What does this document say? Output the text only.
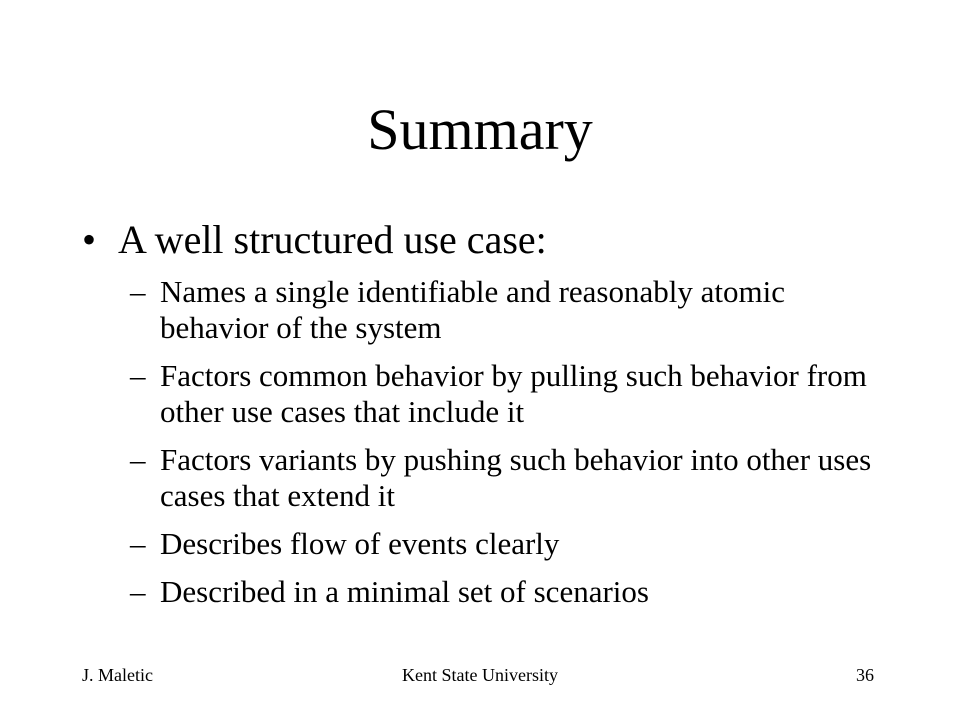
Summary
• A well structured use case:
– Names a single identifiable and reasonably atomic behavior of the system
– Factors common behavior by pulling such behavior from other use cases that include it
– Factors variants by pushing such behavior into other uses cases that extend it
– Describes flow of events clearly
– Described in a minimal set of scenarios
J. Maletic	Kent State University	36
